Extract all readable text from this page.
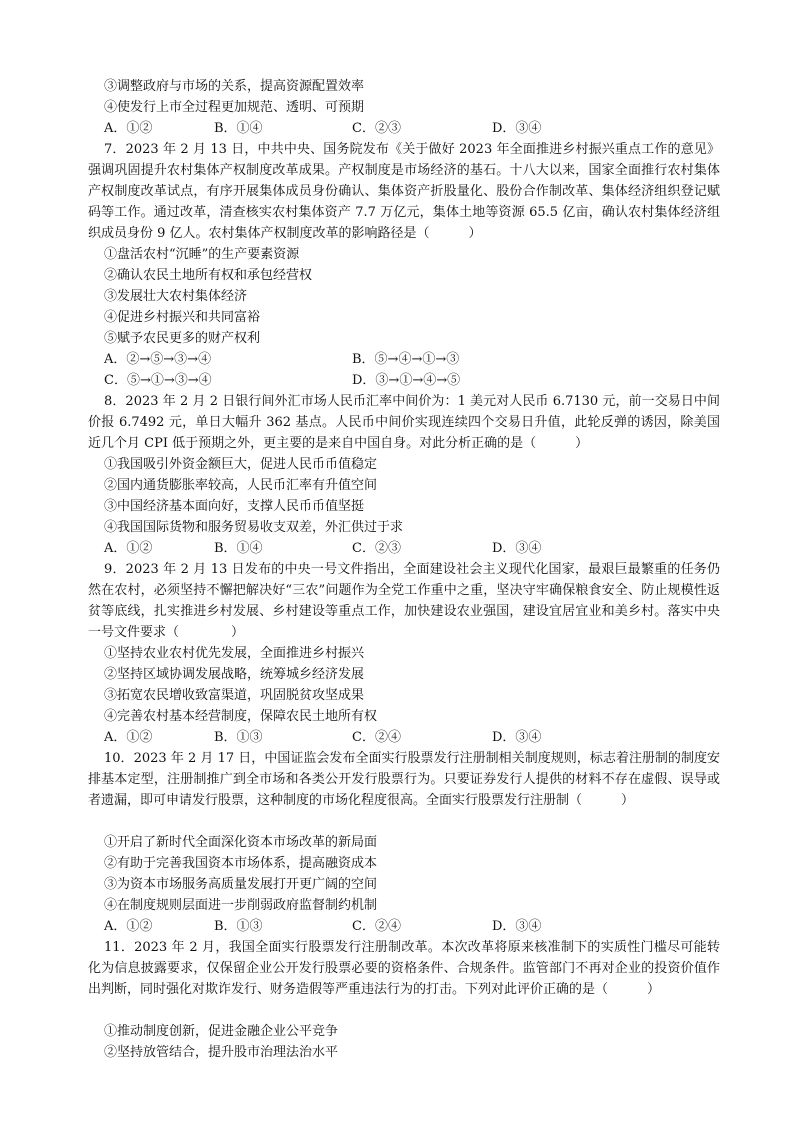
③调整政府与市场的关系，提高资源配置效率
④使发行上市全过程更加规范、透明、可预期
A．①②	B．①④	C．②③	D．③④
7．2023 年 2 月 13 日，中共中央、国务院发布《关于做好 2023 年全面推进乡村振兴重点工作的意见》强调巩固提升农村集体产权制度改革成果。产权制度是市场经济的基石。十八大以来，国家全面推行农村集体产权制度改革试点，有序开展集体成员身份确认、集体资产折股量化、股份合作制改革、集体经济组织登记赋码等工作。通过改革，清查核实农村集体资产 7.7 万亿元，集体土地等资源 65.5 亿亩，确认农村集体经济组织成员身份 9 亿人。农村集体产权制度改革的影响路径是（　　　）
①盘活农村“沉睡”的生产要素资源
②确认农民土地所有权和承包经营权
③发展壮大农村集体经济
④促进乡村振兴和共同富裕
⑤赋予农民更多的财产权利
A．②→⑤→③→④	B．⑤→④→①→③
C．⑤→①→③→④	D．③→①→④→⑤
8．2023 年 2 月 2 日银行间外汇市场人民币汇率中间价为：1 美元对人民币 6.7130 元，前一交易日中间价报 6.7492 元，单日大幅升 362 基点。人民币中间价实现连续四个交易日升值，此轮反弹的诱因，除美国近几个月 CPI 低于预期之外，更主要的是来自中国自身。对此分析正确的是（　　　）
①我国吸引外资金额巨大，促进人民币币值稳定
②国内通货膨胀率较高，人民币汇率有升值空间
③中国经济基本面向好，支撑人民币币值坚挺
④我国国际货物和服务贸易收支双差，外汇供过于求
A．①②	B．①④	C．②③	D．③④
9．2023 年 2 月 13 日发布的中央一号文件指出，全面建设社会主义现代化国家，最艰巨最繁重的任务仍然在农村，必须坚持不懈把解决好“三农”问题作为全党工作重中之重，坚决守牢确保粮食安全、防止规模性返贫等底线，扎实推进乡村发展、乡村建设等重点工作，加快建设农业强国，建设宜居宜业和美乡村。落实中央一号文件要求（　　　　）
①坚持农业农村优先发展，全面推进乡村振兴
②坚持区域协调发展战略，统筹城乡经济发展
③拓宽农民增收致富渠道，巩固脱贫攻坚成果
④完善农村基本经营制度，保障农民土地所有权
A．①②	B．①③	C．②④	D．③④
10．2023 年 2 月 17 日，中国证监会发布全面实行股票发行注册制相关制度规则，标志着注册制的制度安排基本定型，注册制推广到全市场和各类公开发行股票行为。只要证券发行人提供的材料不存在虚假、误导或者遗漏，即可申请发行股票，这种制度的市场化程度很高。全面实行股票发行注册制（　　　）
①开启了新时代全面深化资本市场改革的新局面
②有助于完善我国资本市场体系，提高融资成本
③为资本市场服务高质量发展打开更广阔的空间
④在制度规则层面进一步削弱政府监督制约机制
A．①②	B．①③	C．②④	D．③④
11．2023 年 2 月，我国全面实行股票发行注册制改革。本次改革将原来核准制下的实质性门槛尽可能转化为信息披露要求，仅保留企业公开发行股票必要的资格条件、合规条件。监管部门不再对企业的投资价值作出判断，同时强化对欺诈发行、财务造假等严重违法行为的打击。下列对此评价正确的是（　　　）
①推动制度创新，促进金融企业公平竞争
②坚持放管结合，提升股市治理法治水平
